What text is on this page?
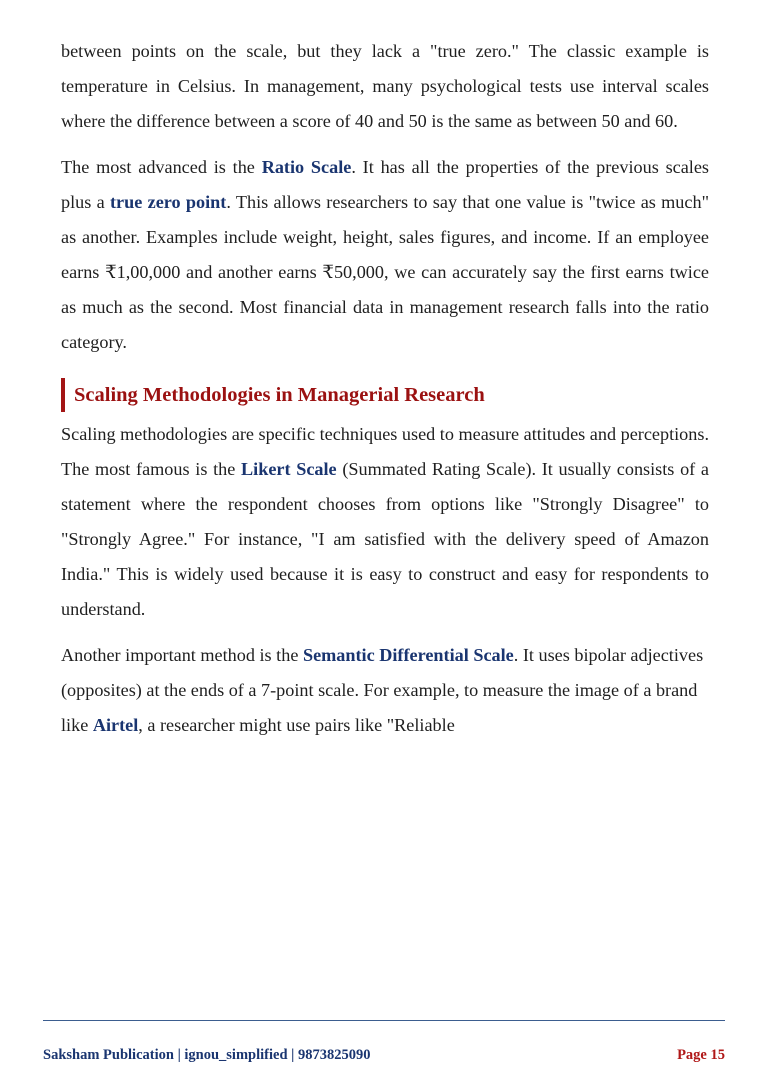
between points on the scale, but they lack a "true zero." The classic example is temperature in Celsius. In management, many psychological tests use interval scales where the difference between a score of 40 and 50 is the same as between 50 and 60.

The most advanced is the Ratio Scale. It has all the properties of the previous scales plus a true zero point. This allows researchers to say that one value is "twice as much" as another. Examples include weight, height, sales figures, and income. If an employee earns ₹1,00,000 and another earns ₹50,000, we can accurately say the first earns twice as much as the second. Most financial data in management research falls into the ratio category.

Scaling Methodologies in Managerial Research

Scaling methodologies are specific techniques used to measure attitudes and perceptions. The most famous is the Likert Scale (Summated Rating Scale). It usually consists of a statement where the respondent chooses from options like "Strongly Disagree" to "Strongly Agree." For instance, "I am satisfied with the delivery speed of Amazon India." This is widely used because it is easy to construct and easy for respondents to understand.

Another important method is the Semantic Differential Scale. It uses bipolar adjectives (opposites) at the ends of a 7-point scale. For example, to measure the image of a brand like Airtel, a researcher might use pairs like "Reliable

Saksham Publication | ignou_simplified | 9873825090	Page 15
